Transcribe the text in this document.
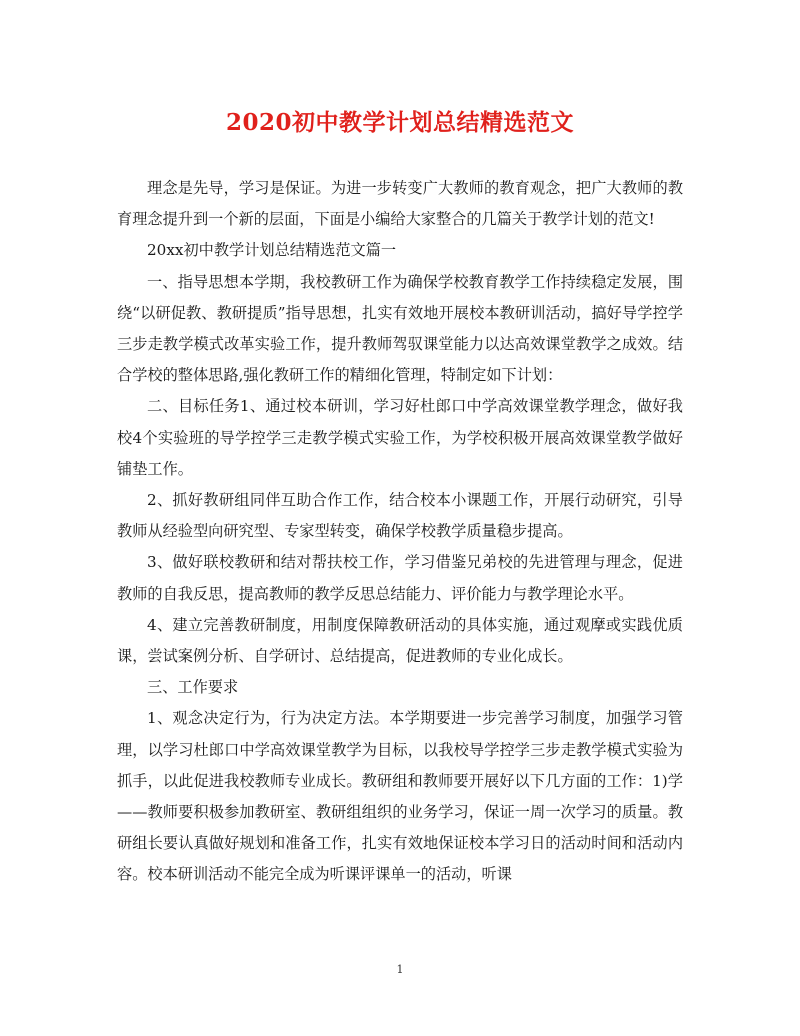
2020初中教学计划总结精选范文

理念是先导，学习是保证。为进一步转变广大教师的教育观念，把广大教师的教育理念提升到一个新的层面，下面是小编给大家整合的几篇关于教学计划的范文!

20xx初中教学计划总结精选范文篇一

一、指导思想本学期，我校教研工作为确保学校教育教学工作持续稳定发展，围绕“以研促教、教研提质”指导思想，扎实有效地开展校本教研训活动，搞好导学控学三步走教学模式改革实验工作，提升教师驾驭课堂能力以达高效课堂教学之成效。结合学校的整体思路,强化教研工作的精细化管理，特制定如下计划：

二、目标任务1、通过校本研训，学习好杜郎口中学高效课堂教学理念，做好我校4个实验班的导学控学三走教学模式实验工作，为学校积极开展高效课堂教学做好铺垫工作。

2、抓好教研组同伴互助合作工作，结合校本小课题工作，开展行动研究，引导教师从经验型向研究型、专家型转变，确保学校教学质量稳步提高。

3、做好联校教研和结对帮扶校工作，学习借鉴兄弟校的先进管理与理念，促进教师的自我反思，提高教师的教学反思总结能力、评价能力与教学理论水平。

4、建立完善教研制度，用制度保障教研活动的具体实施，通过观摩或实践优质课，尝试案例分析、自学研讨、总结提高，促进教师的专业化成长。

三、工作要求

1、观念决定行为，行为决定方法。本学期要进一步完善学习制度，加强学习管理，以学习杜郎口中学高效课堂教学为目标，以我校导学控学三步走教学模式实验为抓手，以此促进我校教师专业成长。教研组和教师要开展好以下几方面的工作：1)学——教师要积极参加教研室、教研组组织的业务学习，保证一周一次学习的质量。教研组长要认真做好规划和准备工作，扎实有效地保证校本学习日的活动时间和活动内容。校本研训活动不能完全成为听课评课单一的活动，听课

1
